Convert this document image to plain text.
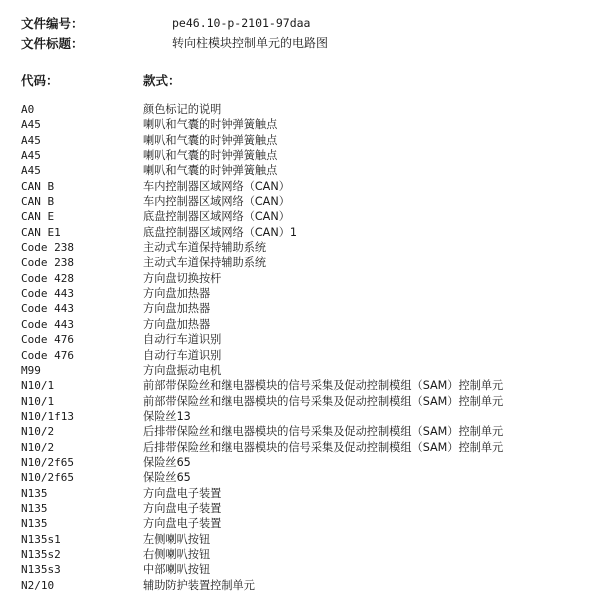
文件编号：	pe46.10-p-2101-97daa
文件标题：	转向柱模块控制单元的电路图
代码：	款式：
A0	颜色标记的说明
A45	喇叭和气囊的时钟弹簧触点
A45	喇叭和气囊的时钟弹簧触点
A45	喇叭和气囊的时钟弹簧触点
A45	喇叭和气囊的时钟弹簧触点
CAN B	车内控制器区域网络（CAN）
CAN B	车内控制器区域网络（CAN）
CAN E	底盘控制器区域网络（CAN）
CAN E1	底盘控制器区域网络（CAN）1
Code 238	主动式车道保持辅助系统
Code 238	主动式车道保持辅助系统
Code 428	方向盘切换按杆
Code 443	方向盘加热器
Code 443	方向盘加热器
Code 443	方向盘加热器
Code 476	自动行车道识别
Code 476	自动行车道识别
M99	方向盘振动电机
N10/1	前部带保险丝和继电器模块的信号采集及促动控制模组（SAM）控制单元
N10/1	前部带保险丝和继电器模块的信号采集及促动控制模组（SAM）控制单元
N10/1f13	保险丝13
N10/2	后排带保险丝和继电器模块的信号采集及促动控制模组（SAM）控制单元
N10/2	后排带保险丝和继电器模块的信号采集及促动控制模组（SAM）控制单元
N10/2f65	保险丝65
N10/2f65	保险丝65
N135	方向盘电子装置
N135	方向盘电子装置
N135	方向盘电子装置
N135s1	左侧喇叭按钮
N135s2	右侧喇叭按钮
N135s3	中部喇叭按钮
N2/10	辅助防护装置控制单元
